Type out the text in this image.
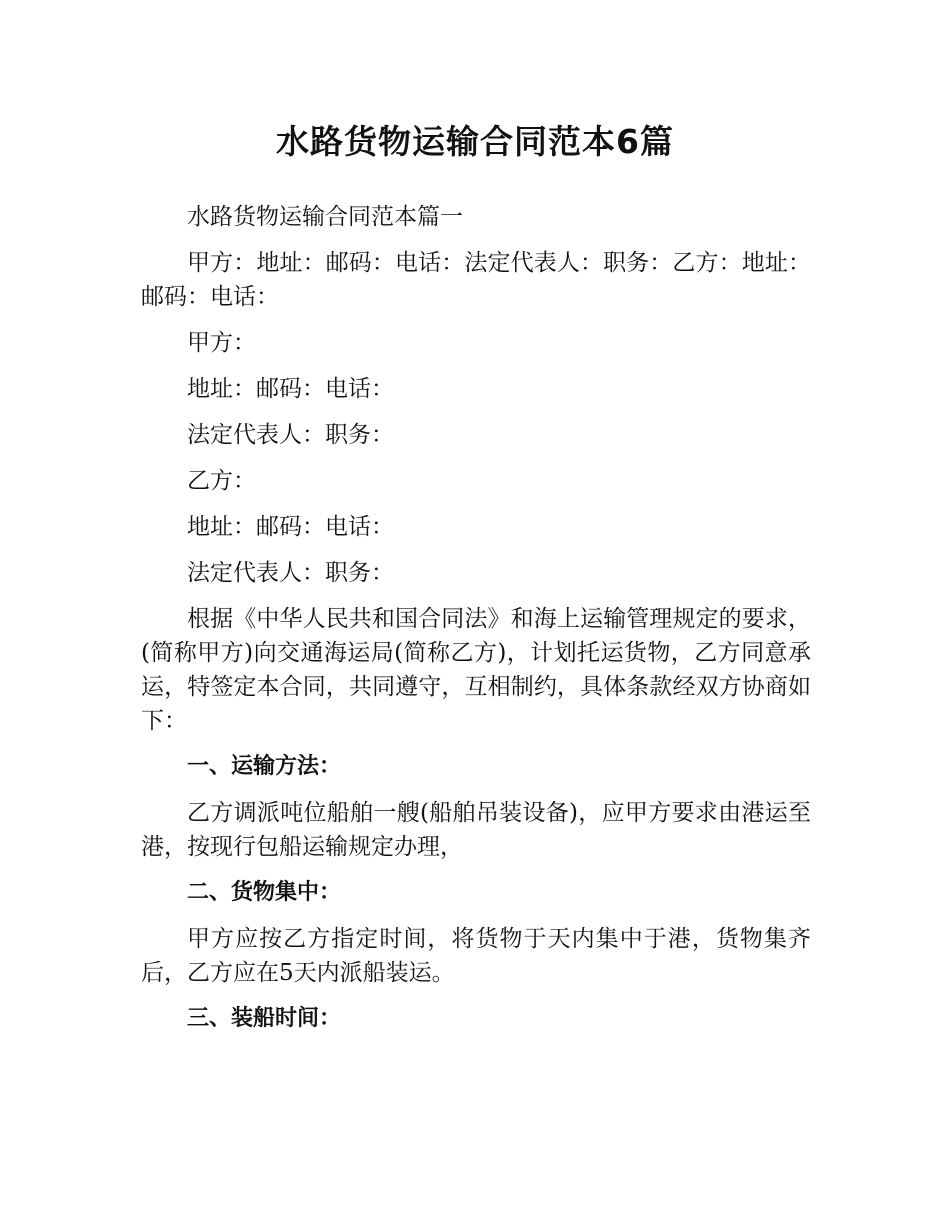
水路货物运输合同范本6篇

水路货物运输合同范本篇一

甲方：地址：邮码：电话：法定代表人：职务：乙方：地址：邮码：电话：

甲方：

地址：邮码：电话：

法定代表人：职务：

乙方：

地址：邮码：电话：

法定代表人：职务：

根据《中华人民共和国合同法》和海上运输管理规定的要求，(简称甲方)向交通海运局(简称乙方)，计划托运货物，乙方同意承运，特签定本合同，共同遵守，互相制约，具体条款经双方协商如下：

一、运输方法：

乙方调派吨位船舶一艘(船舶吊装设备)，应甲方要求由港运至港，按现行包船运输规定办理，

二、货物集中：

甲方应按乙方指定时间，将货物于天内集中于港，货物集齐后，乙方应在5天内派船装运。

三、装船时间：
